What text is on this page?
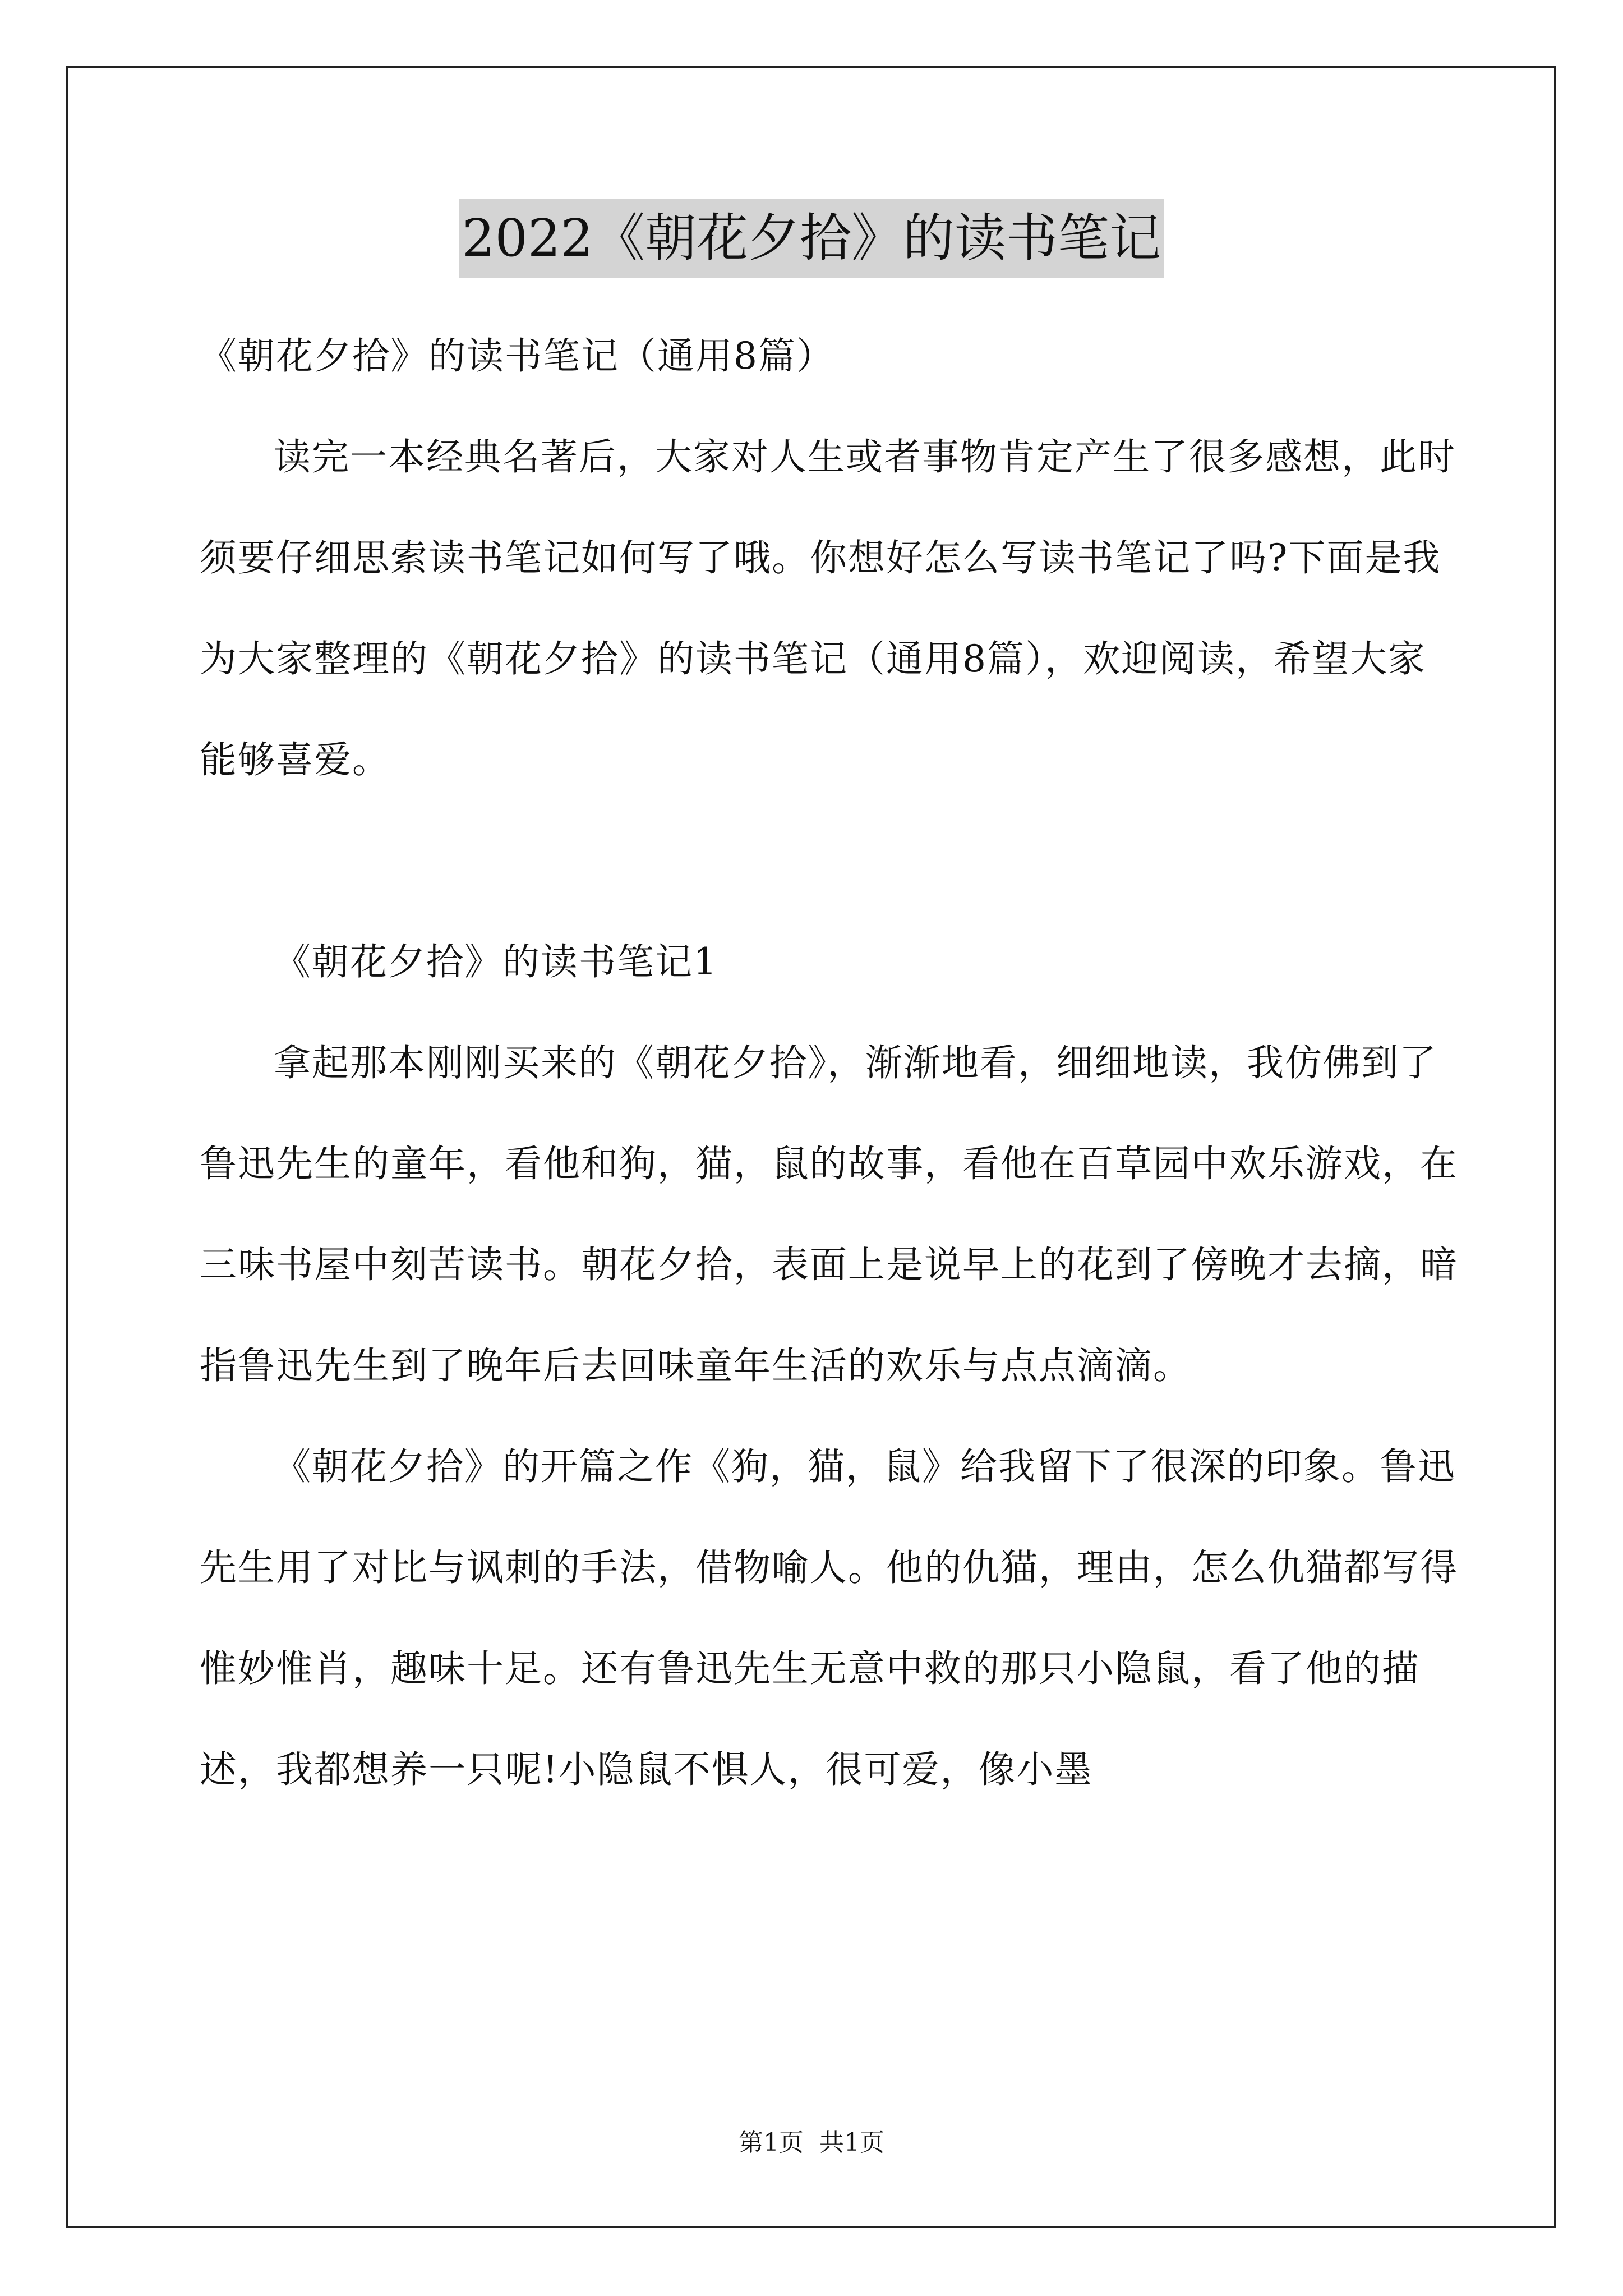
2022《朝花夕拾》的读书笔记

《朝花夕拾》的读书笔记（通用8篇）

读完一本经典名著后，大家对人生或者事物肯定产生了很多感想，此时须要仔细思索读书笔记如何写了哦。你想好怎么写读书笔记了吗?下面是我为大家整理的《朝花夕拾》的读书笔记（通用8篇），欢迎阅读，希望大家能够喜爱。

《朝花夕拾》的读书笔记1

拿起那本刚刚买来的《朝花夕拾》，渐渐地看，细细地读，我仿佛到了鲁迅先生的童年，看他和狗，猫，鼠的故事，看他在百草园中欢乐游戏，在三味书屋中刻苦读书。朝花夕拾，表面上是说早上的花到了傍晚才去摘，暗指鲁迅先生到了晚年后去回味童年生活的欢乐与点点滴滴。

《朝花夕拾》的开篇之作《狗，猫，鼠》给我留下了很深的印象。鲁迅先生用了对比与讽刺的手法，借物喻人。他的仇猫，理由，怎么仇猫都写得惟妙惟肖，趣味十足。还有鲁迅先生无意中救的那只小隐鼠，看了他的描述，我都想养一只呢!小隐鼠不惧人，很可爱，像小墨

第1页 共1页
